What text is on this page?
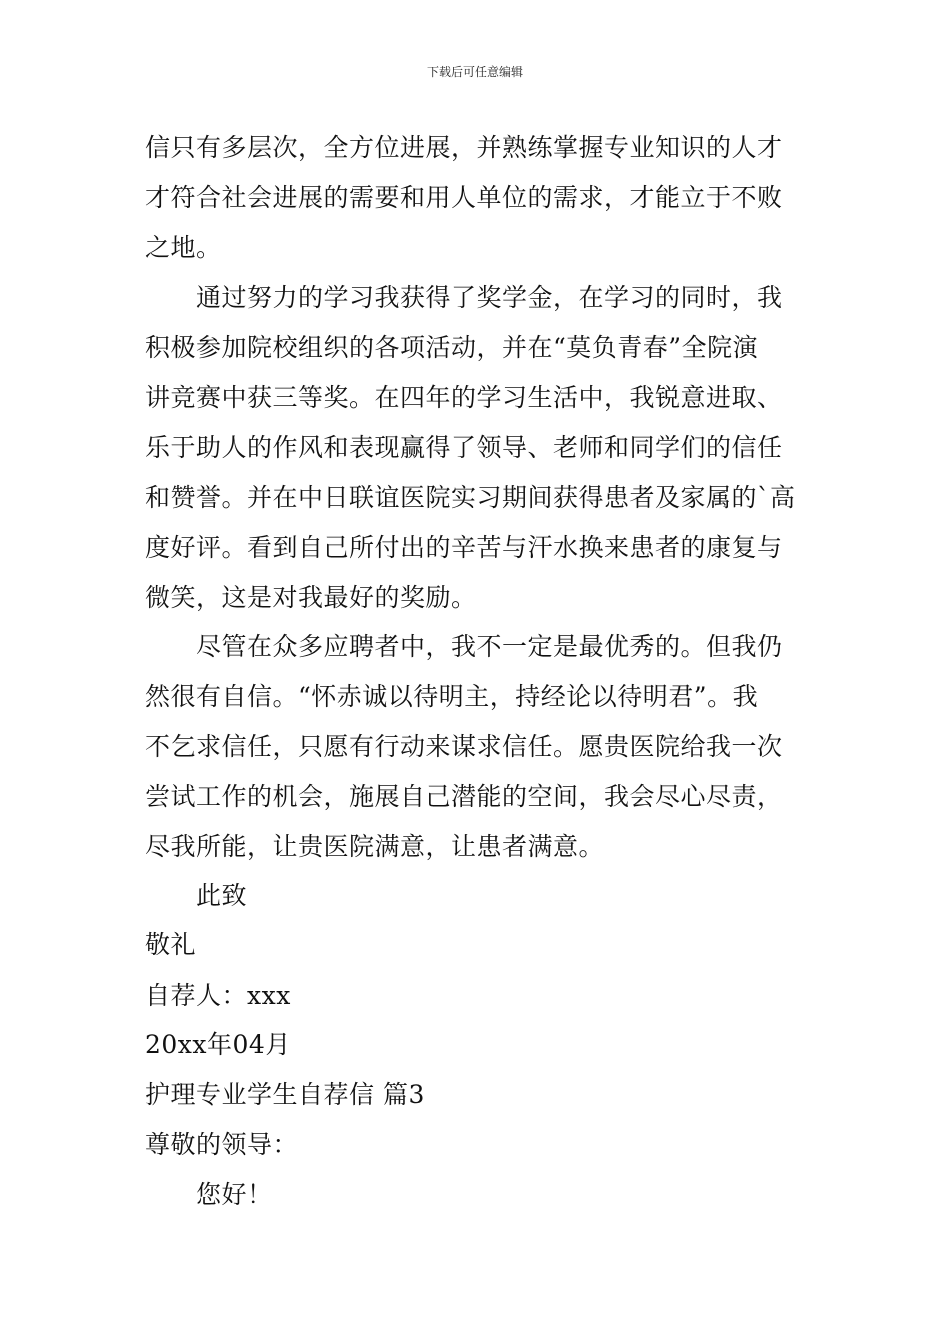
下载后可任意编辑
信只有多层次，全方位进展，并熟练掌握专业知识的人才
才符合社会进展的需要和用人单位的需求，才能立于不败
之地。
通过努力的学习我获得了奖学金，在学习的同时，我
积极参加院校组织的各项活动，并在“莫负青春”全院演
讲竞赛中获三等奖。在四年的学习生活中，我锐意进取、
乐于助人的作风和表现赢得了领导、老师和同学们的信任
和赞誉。并在中日联谊医院实习期间获得患者及家属的`高
度好评。看到自己所付出的辛苦与汗水换来患者的康复与
微笑，这是对我最好的奖励。
尽管在众多应聘者中，我不一定是最优秀的。但我仍
然很有自信。“怀赤诚以待明主，持经论以待明君”。我
不乞求信任，只愿有行动来谋求信任。愿贵医院给我一次
尝试工作的机会，施展自己潜能的空间，我会尽心尽责，
尽我所能，让贵医院满意，让患者满意。
此致
敬礼
自荐人：xxx
20xx年04月
护理专业学生自荐信 篇3
尊敬的领导：
您好！
